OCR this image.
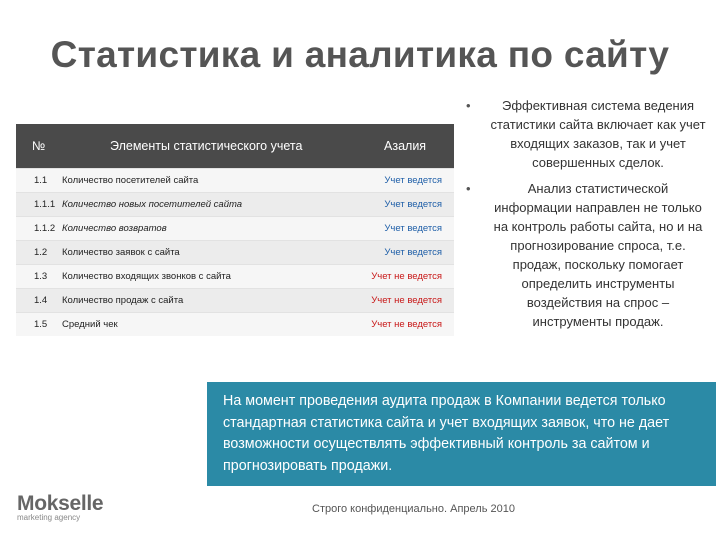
Статистика и аналитика по сайту
№	Элементы статистического учета	Азалия
1.1 Количество посетителей сайта	Учет ведется
1.1.1 Количество новых посетителей сайта	Учет ведется
1.1.2 Количество возвратов	Учет ведется
1.2 Количество заявок с сайта	Учет ведется
1.3 Количество входящих звонков с сайта	Учет не ведется
1.4 Количество продаж с сайта	Учет не ведется
1.5 Средний чек	Учет не ведется
• Эффективная система ведения статистики сайта включает как учет входящих заказов, так и учет совершенных сделок.
•	Анализ статистической информации направлен не только на контроль работы сайта, но и на прогнозирование спроса, т.е. продаж, поскольку помогает определить инструменты воздействия на спрос – инструменты продаж.
На момент проведения аудита продаж в Компании ведется только стандартная статистика сайта и учет входящих заявок, что не дает возможности осуществлять эффективный контроль за сайтом и прогнозировать продажи.
Mokselle
marketing agency
Строго конфиденциально. Апрель 2010
